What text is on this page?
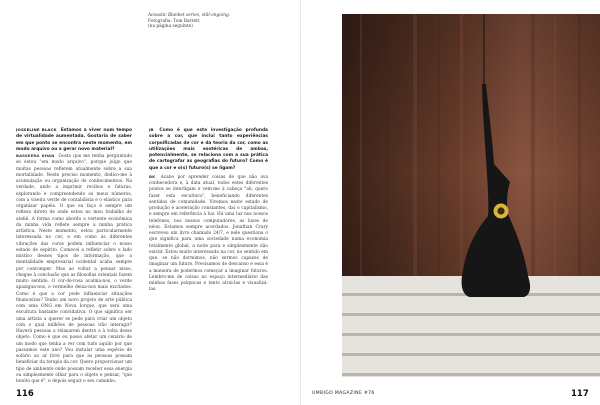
Acoustic Blanket series, still-ongoing.
Fotografia: Tom Barrett
(na página seguinte)

JOSSELINE BLACK Estamos a viver num tempo de virtualidade aumentada. Gostaria de saber em que ponto se encontra neste momento, em modo arquivo ou a gerar novo material?

BASSEERA KHAN Gosto que me tenha perguntado se estou "em modo arquivo", porque julgo que muitas pessoas refletem atualmente sobre a sua mortalidade. Neste preciso momento, dedico-me à acumulação ou organização de conhecimentos. Na verdade, ando a imprimir recibos e faturas, explorando e compreendendo os meus números, com a viseira verde de contabilista e o elástico para organizar papéis. O que eu faço é sempre um reflexo direto de onde estou no meu trabalho de ateliê. A forma como abordo a vertente económica da minha vida reflete sempre a minha prática artística. Neste momento, estou particularmente interessada no cor, e em como as diferentes vibrações das cores podem influenciar o nosso estado de espírito. Comecei a refletir sobre o lado místico desses tipos de informação, que a mentalidade empresarial ocidental acaba sempre por conromper. Mas ao voltar a pensar nisso, chegue à conclusão que as filosofias orientais fazem muito sentido. O cor-de-rosa acalma-nos, o verde apazigua-nos, o vermelho deixa-nos mais excitados. Como é que a cor pode influenciar situações financeiras? Tenho um novo projeto de arte pública com uma ONG em Nova Iorque, que será uma escultura bastante convidativa. O que significa ser uma artista a querer se pede para criar um objeto com o qual milhões de pessoas irão interagir? Haverá pessoas a relaxarem dentro e à volta desse objeto. Como é que eu posso afetar um cenário de um modo que tenha a ver com tudo aquilo por que passamos este ano? Vou instalar uma espécie de solário ao ar livre para que as pessoas possam beneficiar da terapia da cor. Quero proporcionar um tipo de ambiente onde possam receber essa energia ou simplesmente olhar para o objeto e pensar, "que bonito que é", e depois seguir o seu caminho.

JB Como é que esta investigação profunda sobre a cor, que inclui tanto experiências corpoificadas de cor e da teoria da cor, como as utilizações mais esotéricas de ambas, potencialmente, se relaciona com a sua prática de cartografar as geografias do futuro? Como é que a cor e o(s) futuro(s) se ligam?

BK Acabo por aprender coisas de que não ava conhecedora e, à data atual, todos estes diferentes pontos se interligam e vem-me à cabeça "ah, quero fazer esta escultura", beneficiando diferentes sentidos de comunidade. Vivemos neste estado de produção e aceleração constantes, daí o capitalismo, e sempre em referência à luz. Há uma luz nos nossos telefones, nos nossos computadores, as luzes de néon. Estamos sempre acordados. Jonathan Crary escreveu um livro chamado 24/7, e nele questiona o que significa para uma sociedade numa economia totalmente global, a noite para e simplesmente não existir. Estou muito interessada na cor, no sentido em que, se não dormimos, não sermos capazes de imaginar um futuro. Precisamos de descanso e essa é a maneira de podermos começar a imaginar futuros. Lembro-me de coisas no espaço intermediário das minhas fases psíquicas e tento atrai-las e visualizá-las.

116	UMBIGO MAGAZINE #76	117
